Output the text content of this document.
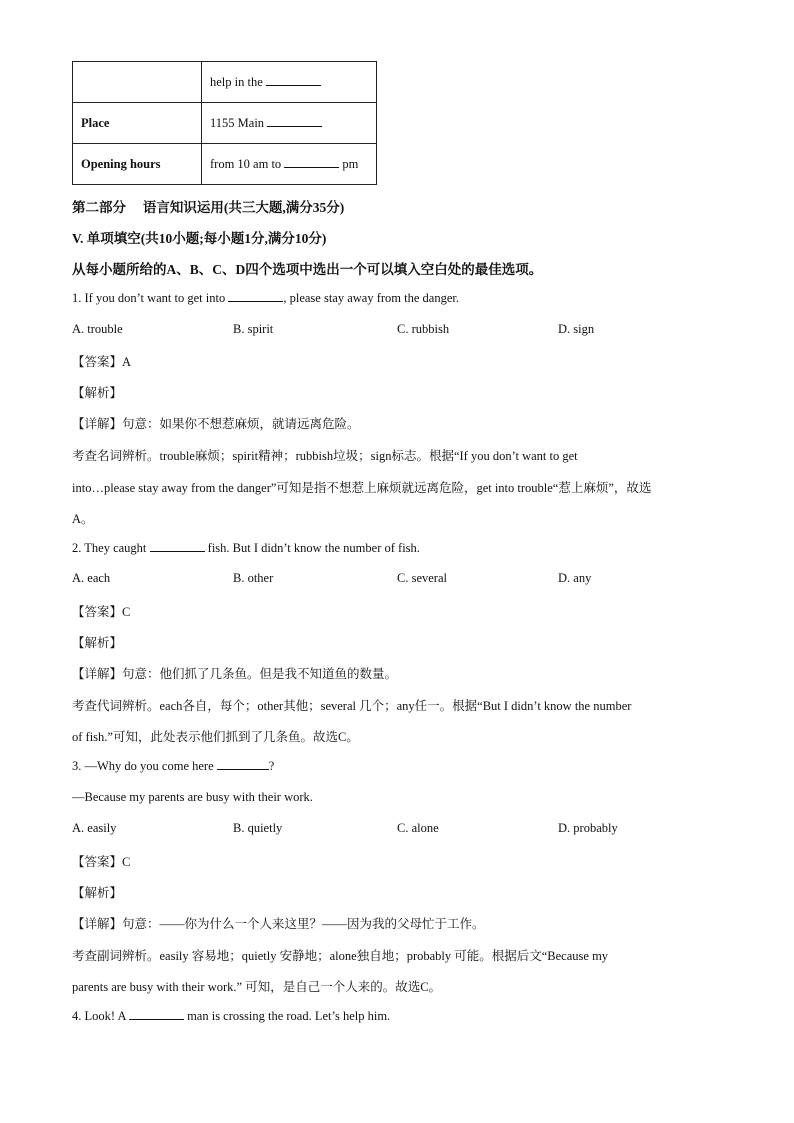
	help in the
Place	1155 Main
Opening hours	from 10 am to pm
第二部分　 语言知识运用(共三大题,满分35分)
V. 单项填空(共10小题;每小题1分,满分10分)
从每小题所给的A、B、C、D四个选项中选出一个可以填入空白处的最佳选项。
1. If you don’t want to get into	, please stay away from the danger.
A. trouble	B. spirit	C. rubbish	D. sign
【答案】A
【解析】
【详解】句意：如果你不想惹麻烦，就请远离危险。
考查名词辨析。trouble麻烦；spirit精神；rubbish垃圾；sign标志。根据“If you don’t want to get
into…please stay away from the danger”可知是指不想惹上麻烦就远离危险，get into trouble“惹上麻烦”，故选
A。
2. They caught	fish. But I didn’t know the number of fish.
A. each	B. other	C. several	D. any
【答案】C
【解析】
【详解】句意：他们抓了几条鱼。但是我不知道鱼的数量。
考查代词辨析。each各自，每个；other其他；several 几个；any任一。根据“But I didn’t know the number
of fish.”可知，此处表示他们抓到了几条鱼。故选C。
3. —Why do you come here	?
—Because my parents are busy with their work.
A. easily	B. quietly	C. alone	D. probably
【答案】C
【解析】
【详解】句意：——你为什么一个人来这里？——因为我的父母忙于工作。
考查副词辨析。easily 容易地；quietly 安静地；alone独自地；probably 可能。根据后文“Because my
parents are busy with their work.” 可知，是自己一个人来的。故选C。
4. Look! A	man is crossing the road. Let’s help him.
